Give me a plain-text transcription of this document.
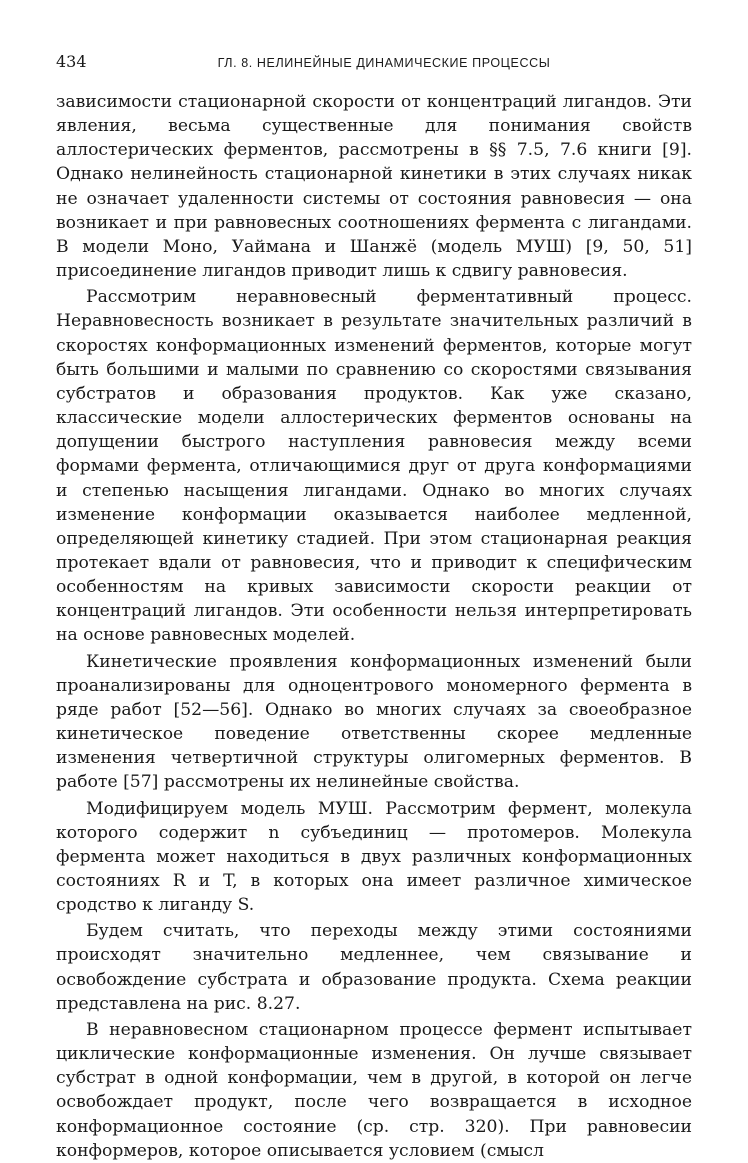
434	ГЛ. 8. НЕЛИНЕЙНЫЕ ДИНАМИЧЕСКИЕ ПРОЦЕССЫ

зависимости стационарной скорости от концентраций лигандов. Эти явления, весьма существенные для понимания свойств аллостерических ферментов, рассмотрены в §§ 7.5, 7.6 книги [9]. Однако нелинейность стационарной кинетики в этих случаях никак не означает удаленности системы от состояния равновесия — она возникает и при равновесных соотношениях фермента с лигандами. В модели Моно, Уаймана и Шанжё (модель МУШ) [9, 50, 51] присоединение лигандов приводит лишь к сдвигу равновесия.

Рассмотрим неравновесный ферментативный процесс. Неравновесность возникает в результате значительных различий в скоростях конформационных изменений ферментов, которые могут быть большими и малыми по сравнению со скоростями связывания субстратов и образования продуктов. Как уже сказано, классические модели аллостерических ферментов основаны на допущении быстрого наступления равновесия между всеми формами фермента, отличающимися друг от друга конформациями и степенью насыщения лигандами. Однако во многих случаях изменение конформации оказывается наиболее медленной, определяющей кинетику стадией. При этом стационарная реакция протекает вдали от равновесия, что и приводит к специфическим особенностям на кривых зависимости скорости реакции от концентраций лигандов. Эти особенности нельзя интерпретировать на основе равновесных моделей.

Кинетические проявления конформационных изменений были проанализированы для одноцентрового мономерного фермента в ряде работ [52—56]. Однако во многих случаях за своеобразное кинетическое поведение ответственны скорее медленные изменения четвертичной структуры олигомерных ферментов. В работе [57] рассмотрены их нелинейные свойства.

Модифицируем модель МУШ. Рассмотрим фермент, молекула которого содержит n субъединиц — протомеров. Молекула фермента может находиться в двух различных конформационных состояниях R и T, в которых она имеет различное химическое сродство к лиганду S.

Будем считать, что переходы между этими состояниями происходят значительно медленнее, чем связывание и освобождение субстрата и образование продукта. Схема реакции представлена на рис. 8.27.

В неравновесном стационарном процессе фермент испытывает циклические конформационные изменения. Он лучше связывает субстрат в одной конформации, чем в другой, в которой он легче освобождает продукт, после чего возвращается в исходное конформационное состояние (ср. стр. 320). При равновесии конформеров, которое описывается условием (смысл
